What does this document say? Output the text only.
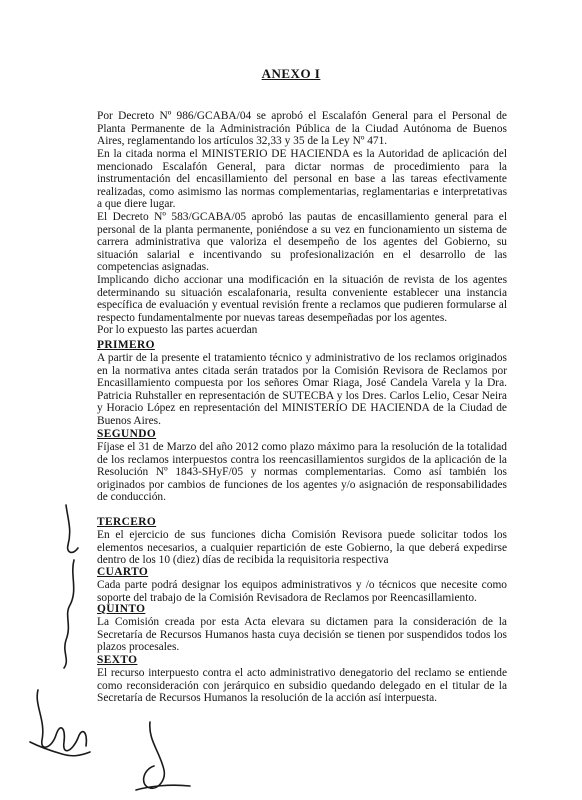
ANEXO I
Por Decreto Nº 986/GCABA/04 se aprobó el Escalafón General para el Personal de Planta Permanente de la Administración Pública de la Ciudad Autónoma de Buenos Aires, reglamentando los artículos 32,33 y 35 de la Ley Nº 471.
En la citada norma el MINISTERIO DE HACIENDA es la Autoridad de aplicación del mencionado Escalafón General, para dictar normas de procedimiento para la instrumentación del encasillamiento del personal en base a las tareas efectivamente realizadas, como asimismo las normas complementarias, reglamentarias e interpretativas a que diere lugar.
El Decreto Nº 583/GCABA/05 aprobó las pautas de encasillamiento general para el personal de la planta permanente, poniéndose a su vez en funcionamiento un sistema de carrera administrativa que valoriza el desempeño de los agentes del Gobierno, su situación salarial e incentivando su profesionalización en el desarrollo de las competencias asignadas.
Implicando dicho accionar una modificación en la situación de revista de los agentes determinando su situación escalafonaria, resulta conveniente establecer una instancia específica de evaluación y eventual revisión frente a reclamos que pudieren formularse al respecto fundamentalmente por nuevas tareas desempeñadas por los agentes.
Por lo expuesto las partes acuerdan
PRIMERO
A partir de la presente el tratamiento técnico y administrativo de los reclamos originados en la normativa antes citada serán tratados por la Comisión Revisora de Reclamos por Encasillamiento compuesta por los señores Omar Riaga, José Candela Varela y la Dra. Patricia Ruhstaller en representación de SUTECBA y los Dres. Carlos Lelio, Cesar Neira y Horacio López en representación del MINISTERIO DE HACIENDA de la Ciudad de Buenos Aires.
SEGUNDO
Fíjase el 31 de Marzo del año 2012 como plazo máximo para la resolución de la totalidad de los reclamos interpuestos contra los reencasillamientos surgidos de la aplicación de la Resolución Nº 1843-SHyF/05 y normas complementarias. Como así también los originados por cambios de funciones de los agentes y/o asignación de responsabilidades de conducción.
TERCERO
En el ejercicio de sus funciones dicha Comisión Revisora puede solicitar todos los elementos necesarios, a cualquier repartición de este Gobierno, la que deberá expedirse dentro de los 10 (diez) días de recibida la requisitoria respectiva
CUARTO
Cada parte podrá designar los equipos administrativos y /o técnicos que necesite como soporte del trabajo de la Comisión Revisadora de Reclamos por Reencasillamiento.
QUINTO
La Comisión creada por esta Acta elevara su dictamen para la consideración de la Secretaría de Recursos Humanos hasta cuya decisión se tienen por suspendidos todos los plazos procesales.
SEXTO
El recurso interpuesto contra el acto administrativo denegatorio del reclamo se entiende como reconsideración con jerárquico en subsidio quedando delegado en el titular de la Secretaría de Recursos Humanos la resolución de la acción así interpuesta.
